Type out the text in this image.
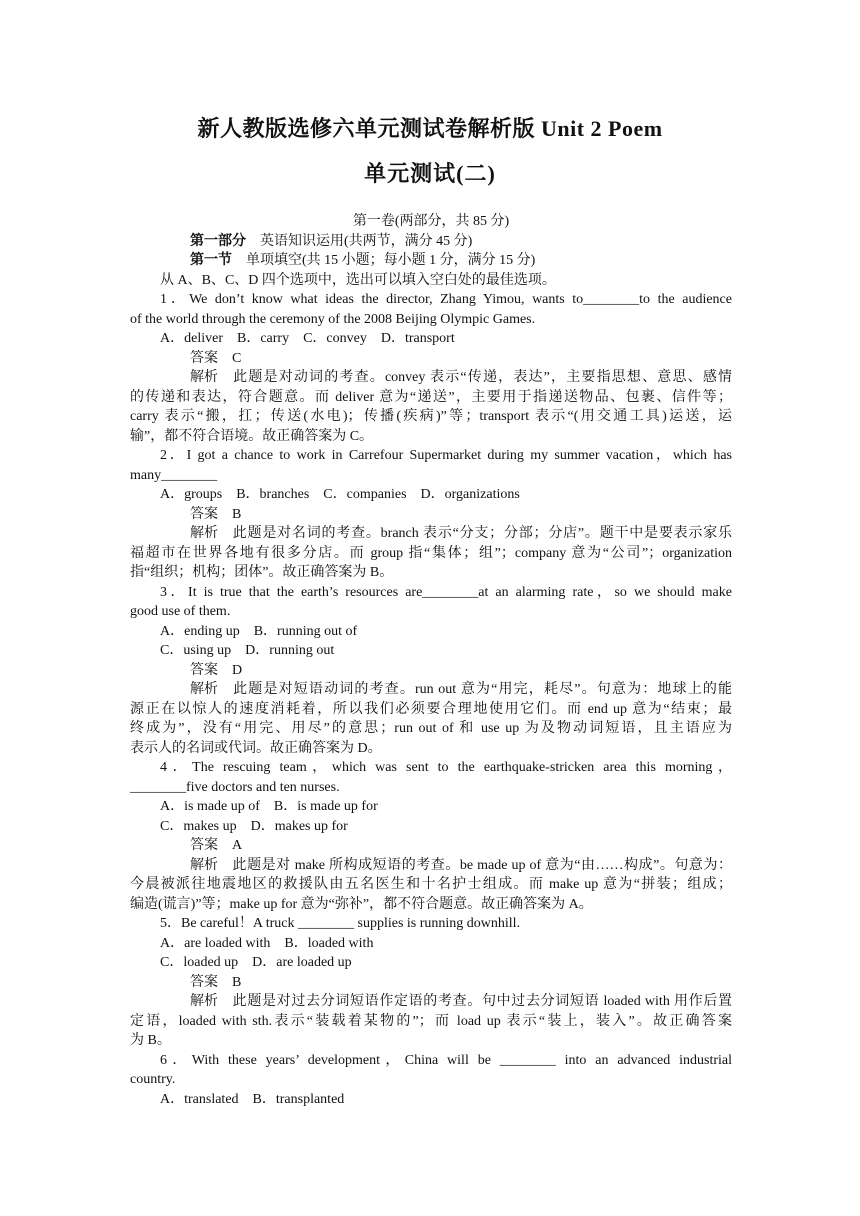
新人教版选修六单元测试卷解析版 Unit 2 Poem
单元测试(二)

第一卷(两部分，共 85 分)

第一部分 英语知识运用(共两节，满分 45 分)

第一节 单项填空(共 15 小题；每小题 1 分，满分 15 分)

从 A、B、C、D 四个选项中，选出可以填入空白处的最佳选项。

1．We don’t know what ideas the director, Zhang Yimou, wants to________to the audience

of the world through the ceremony of the 2008 Beijing Olympic Games.

A．deliver　B．carry　C．convey　D．transport

答案 C

解析 此题是对动词的考查。convey 表示“传递，表达”，主要指思想、意思、感情

的传递和表达，符合题意。而 deliver 意为“递送”，主要用于指递送物品、包裹、信件等；

carry 表示“搬，扛；传送(水电)；传播(疾病)”等；transport 表示“(用交通工具)运送，运

输”，都不符合语境。故正确答案为 C。

2．I got a chance to work in Carrefour Supermarket during my summer vacation，which has

many________

A．groups　B．branches　C．companies　D．organizations

答案 B

解析 此题是对名词的考查。branch 表示“分支；分部；分店”。题干中是要表示家乐

福超市在世界各地有很多分店。而 group 指“集体；组”；company 意为“公司”；organization

指“组织；机构；团体”。故正确答案为 B。

3．It is true that the earth’s resources are________at an alarming rate，so we should make

good use of them.

A．ending up　B．running out of

C．using up　D．running out

答案 D

解析 此题是对短语动词的考查。run out 意为“用完，耗尽”。句意为：地球上的能

源正在以惊人的速度消耗着，所以我们必须要合理地使用它们。而 end up 意为“结束；最

终成为”，没有“用完、用尽”的意思；run out of 和 use up 为及物动词短语，且主语应为

表示人的名词或代词。故正确答案为 D。

4．The rescuing team，which was sent to the earthquake-stricken area this morning，

________five doctors and ten nurses.

A．is made up of　B．is made up for

C．makes up　D．makes up for

答案 A

解析 此题是对 make 所构成短语的考查。be made up of 意为“由……构成”。句意为：

今晨被派往地震地区的救援队由五名医生和十名护士组成。而 make up 意为“拼装；组成；

编造(谎言)”等；make up for 意为“弥补”，都不符合题意。故正确答案为 A。

5．Be careful！A truck ________ supplies is running downhill.

A．are loaded with　B．loaded with

C．loaded up　D．are loaded up

答案 B

解析 此题是对过去分词短语作定语的考查。句中过去分词短语 loaded with 用作后置

定语，loaded with sth.表示“装载着某物的”；而 load up 表示“装上，装入”。故正确答案

为 B。

6．With these years’ development，China will be ________ into an advanced industrial

country.

A．translated　B．transplanted
